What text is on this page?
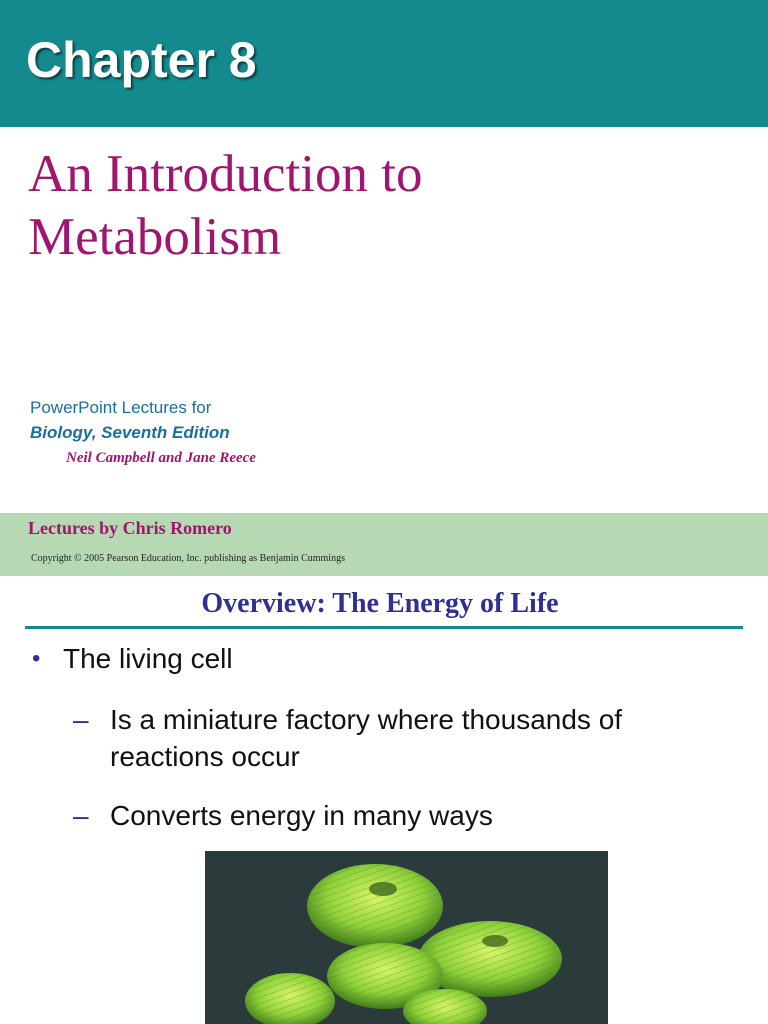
Chapter 8
An Introduction to
Metabolism
PowerPoint Lectures for
Biology, Seventh Edition
Neil Campbell and Jane Reece
Lectures by Chris Romero
Copyright © 2005 Pearson Education, Inc. publishing as Benjamin Cummings
Overview: The Energy of Life
• The living cell
– Is a miniature factory where thousands of reactions occur
– Converts energy in many ways
